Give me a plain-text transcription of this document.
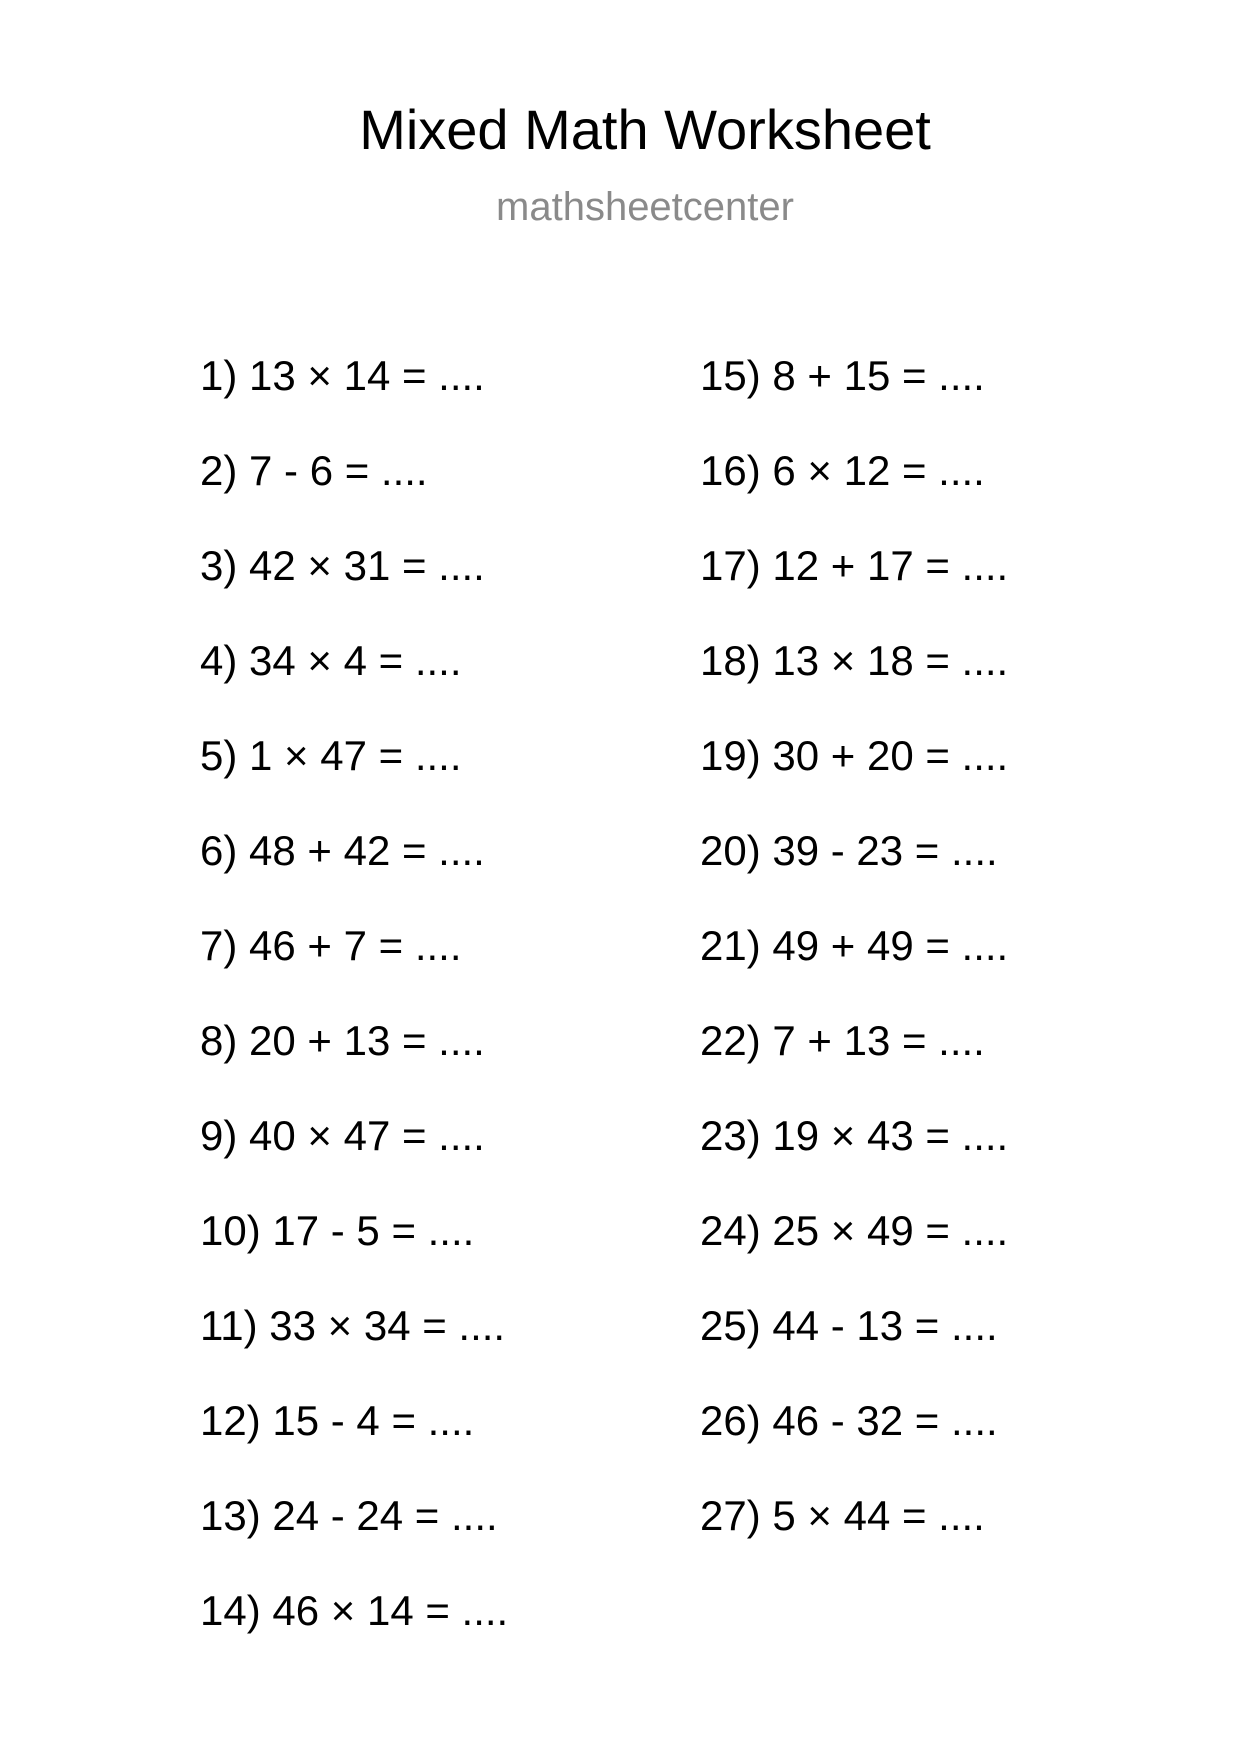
Mixed Math Worksheet
mathsheetcenter
1) 13 × 14 = ....
2) 7 - 6 = ....
3) 42 × 31 = ....
4) 34 × 4 = ....
5) 1 × 47 = ....
6) 48 + 42 = ....
7) 46 + 7 = ....
8) 20 + 13 = ....
9) 40 × 47 = ....
10) 17 - 5 = ....
11) 33 × 34 = ....
12) 15 - 4 = ....
13) 24 - 24 = ....
14) 46 × 14 = ....
15) 8 + 15 = ....
16) 6 × 12 = ....
17) 12 + 17 = ....
18) 13 × 18 = ....
19) 30 + 20 = ....
20) 39 - 23 = ....
21) 49 + 49 = ....
22) 7 + 13 = ....
23) 19 × 43 = ....
24) 25 × 49 = ....
25) 44 - 13 = ....
26) 46 - 32 = ....
27) 5 × 44 = ....
